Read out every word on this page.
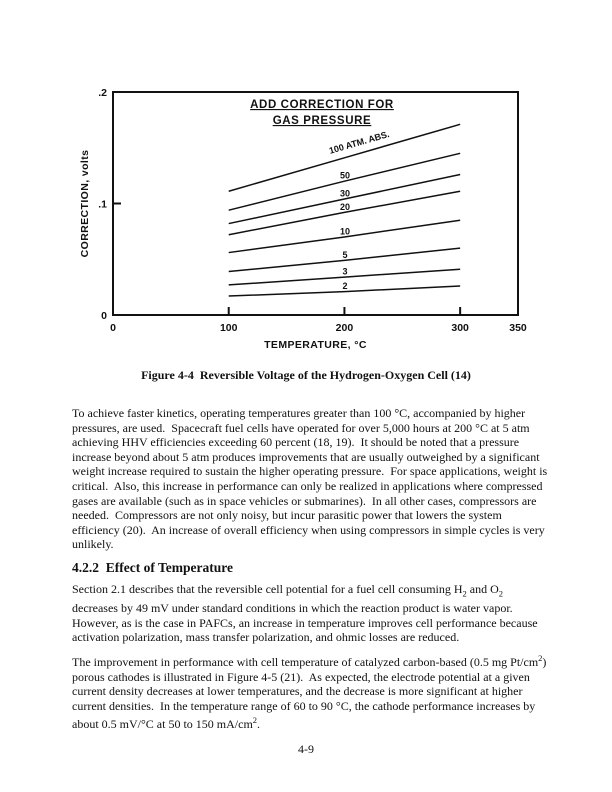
0	100	200	300	350
0
.1
.2
100 ATM. ABS.
50
30
20
10
5
3
2
ADD CORRECTION FOR
GAS PRESSURE
TEMPERATURE, °C
CORRECTION, volts
Figure 4-4  Reversible Voltage of the Hydrogen-Oxygen Cell (14)

To achieve faster kinetics, operating temperatures greater than 100 °C, accompanied by higher pressures, are used.  Spacecraft fuel cells have operated for over 5,000 hours at 200 °C at 5 atm achieving HHV efficiencies exceeding 60 percent (18, 19).  It should be noted that a pressure increase beyond about 5 atm produces improvements that are usually outweighed by a significant weight increase required to sustain the higher operating pressure.  For space applications, weight is critical.  Also, this increase in performance can only be realized in applications where compressed gases are available (such as in space vehicles or submarines).  In all other cases, compressors are needed.  Compressors are not only noisy, but incur parasitic power that lowers the system efficiency (20).  An increase of overall efficiency when using compressors in simple cycles is very unlikely.

4.2.2  Effect of Temperature

Section 2.1 describes that the reversible cell potential for a fuel cell consuming $H_2$ and $O_2$ decreases by 49 mV under standard conditions in which the reaction product is water vapor.  However, as is the case in PAFCs, an increase in temperature improves cell performance because activation polarization, mass transfer polarization, and ohmic losses are reduced.

The improvement in performance with cell temperature of catalyzed carbon-based (0.5 mg $Pt/cm^2$) porous cathodes is illustrated in Figure 4-5 (21).  As expected, the electrode potential at a given current density decreases at lower temperatures, and the decrease is more significant at higher current densities.  In the temperature range of 60 to 90 °C, the cathode performance increases by about 0.5 mV/°C at 50 to 150 $mA/cm^2$.

4-9
